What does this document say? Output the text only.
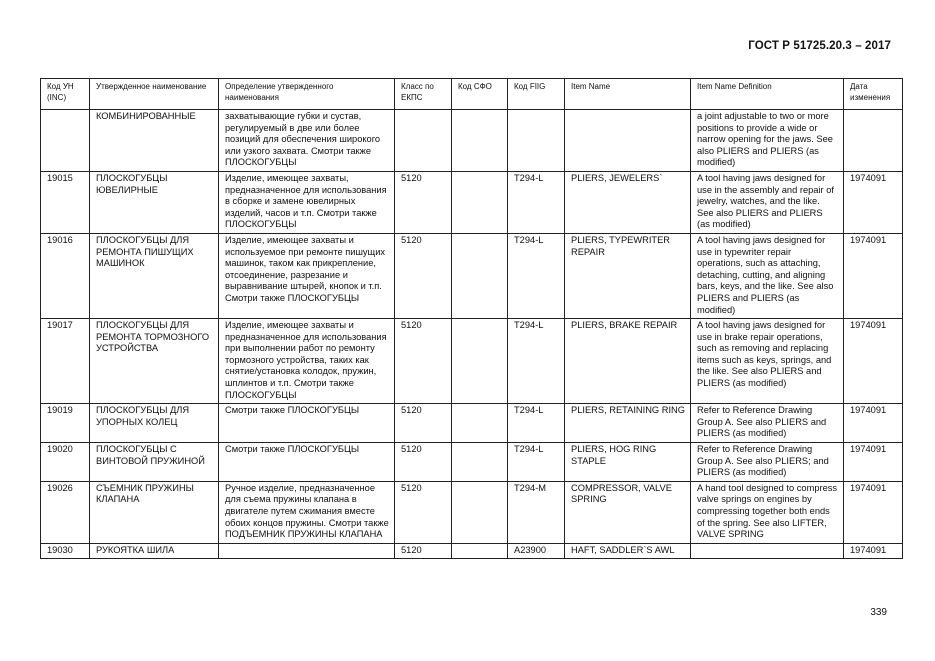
ГОСТ Р 51725.20.3 – 2017
Код УН (INC)	Утвержденное наименование	Определение утвержденного наименования	Класс по ЕКПС	Код СФО	Код FIIG	Item Name	Item Name Definition	Дата изменения
	КОМБИНИРОВАННЫЕ	захватывающие губки и сустав, регулируемый в две или более позиций для обеспечения широкого или узкого захвата. Смотри также ПЛОСКОГУБЦЫ					a joint adjustable to two or more positions to provide a wide or narrow opening for the jaws. See also PLIERS and PLIERS (as modified)	
19015	ПЛОСКОГУБЦЫ ЮВЕЛИРНЫЕ	Изделие, имеющее захваты, предназначенное для использования в сборке и замене ювелирных изделий, часов и т.п. Смотри также ПЛОСКОГУБЦЫ	5120		T294-L	PLIERS, JEWELERS`	A tool having jaws designed for use in the assembly and repair of jewelry, watches, and the like. See also PLIERS and PLIERS (as modified)	1974091
19016	ПЛОСКОГУБЦЫ ДЛЯ РЕМОНТА ПИШУЩИХ МАШИНОК	Изделие, имеющее захваты и используемое при ремонте пишущих машинок, таком как прикрепление, отсоединение, разрезание и выравнивание штырей, кнопок и т.п. Смотри также ПЛОСКОГУБЦЫ	5120		T294-L	PLIERS, TYPEWRITER REPAIR	A tool having jaws designed for use in typewriter repair operations, such as attaching, detaching, cutting, and aligning bars, keys, and the like. See also PLIERS and PLIERS (as modified)	1974091
19017	ПЛОСКОГУБЦЫ ДЛЯ РЕМОНТА ТОРМОЗНОГО УСТРОЙСТВА	Изделие, имеющее захваты и предназначенное для использования при выполнении работ по ремонту тормозного устройства, таких как снятие/установка колодок, пружин, шплинтов и т.п. Смотри также ПЛОСКОГУБЦЫ	5120		T294-L	PLIERS, BRAKE REPAIR	A tool having jaws designed for use in brake repair operations, such as removing and replacing items such as keys, springs, and the like. See also PLIERS and PLIERS (as modified)	1974091
19019	ПЛОСКОГУБЦЫ ДЛЯ УПОРНЫХ КОЛЕЦ	Смотри также ПЛОСКОГУБЦЫ	5120		T294-L	PLIERS, RETAINING RING	Refer to Reference Drawing Group A. See also PLIERS and PLIERS (as modified)	1974091
19020	ПЛОСКОГУБЦЫ С ВИНТОВОЙ ПРУЖИНОЙ	Смотри также ПЛОСКОГУБЦЫ	5120		T294-L	PLIERS, HOG RING STAPLE	Refer to Reference Drawing Group A. See also PLIERS; and PLIERS (as modified)	1974091
19026	СЪЕМНИК ПРУЖИНЫ КЛАПАНА	Ручное изделие, предназначенное для съема пружины клапана в двигателе путем сжимания вместе обоих концов пружины. Смотри также ПОДЪЕМНИК ПРУЖИНЫ КЛАПАНА	5120		T294-M	COMPRESSOR, VALVE SPRING	A hand tool designed to compress valve springs on engines by compressing together both ends of the spring. See also LIFTER, VALVE SPRING	1974091
19030	РУКОЯТКА ШИЛА		5120		A23900	HAFT, SADDLER`S AWL		1974091
339
